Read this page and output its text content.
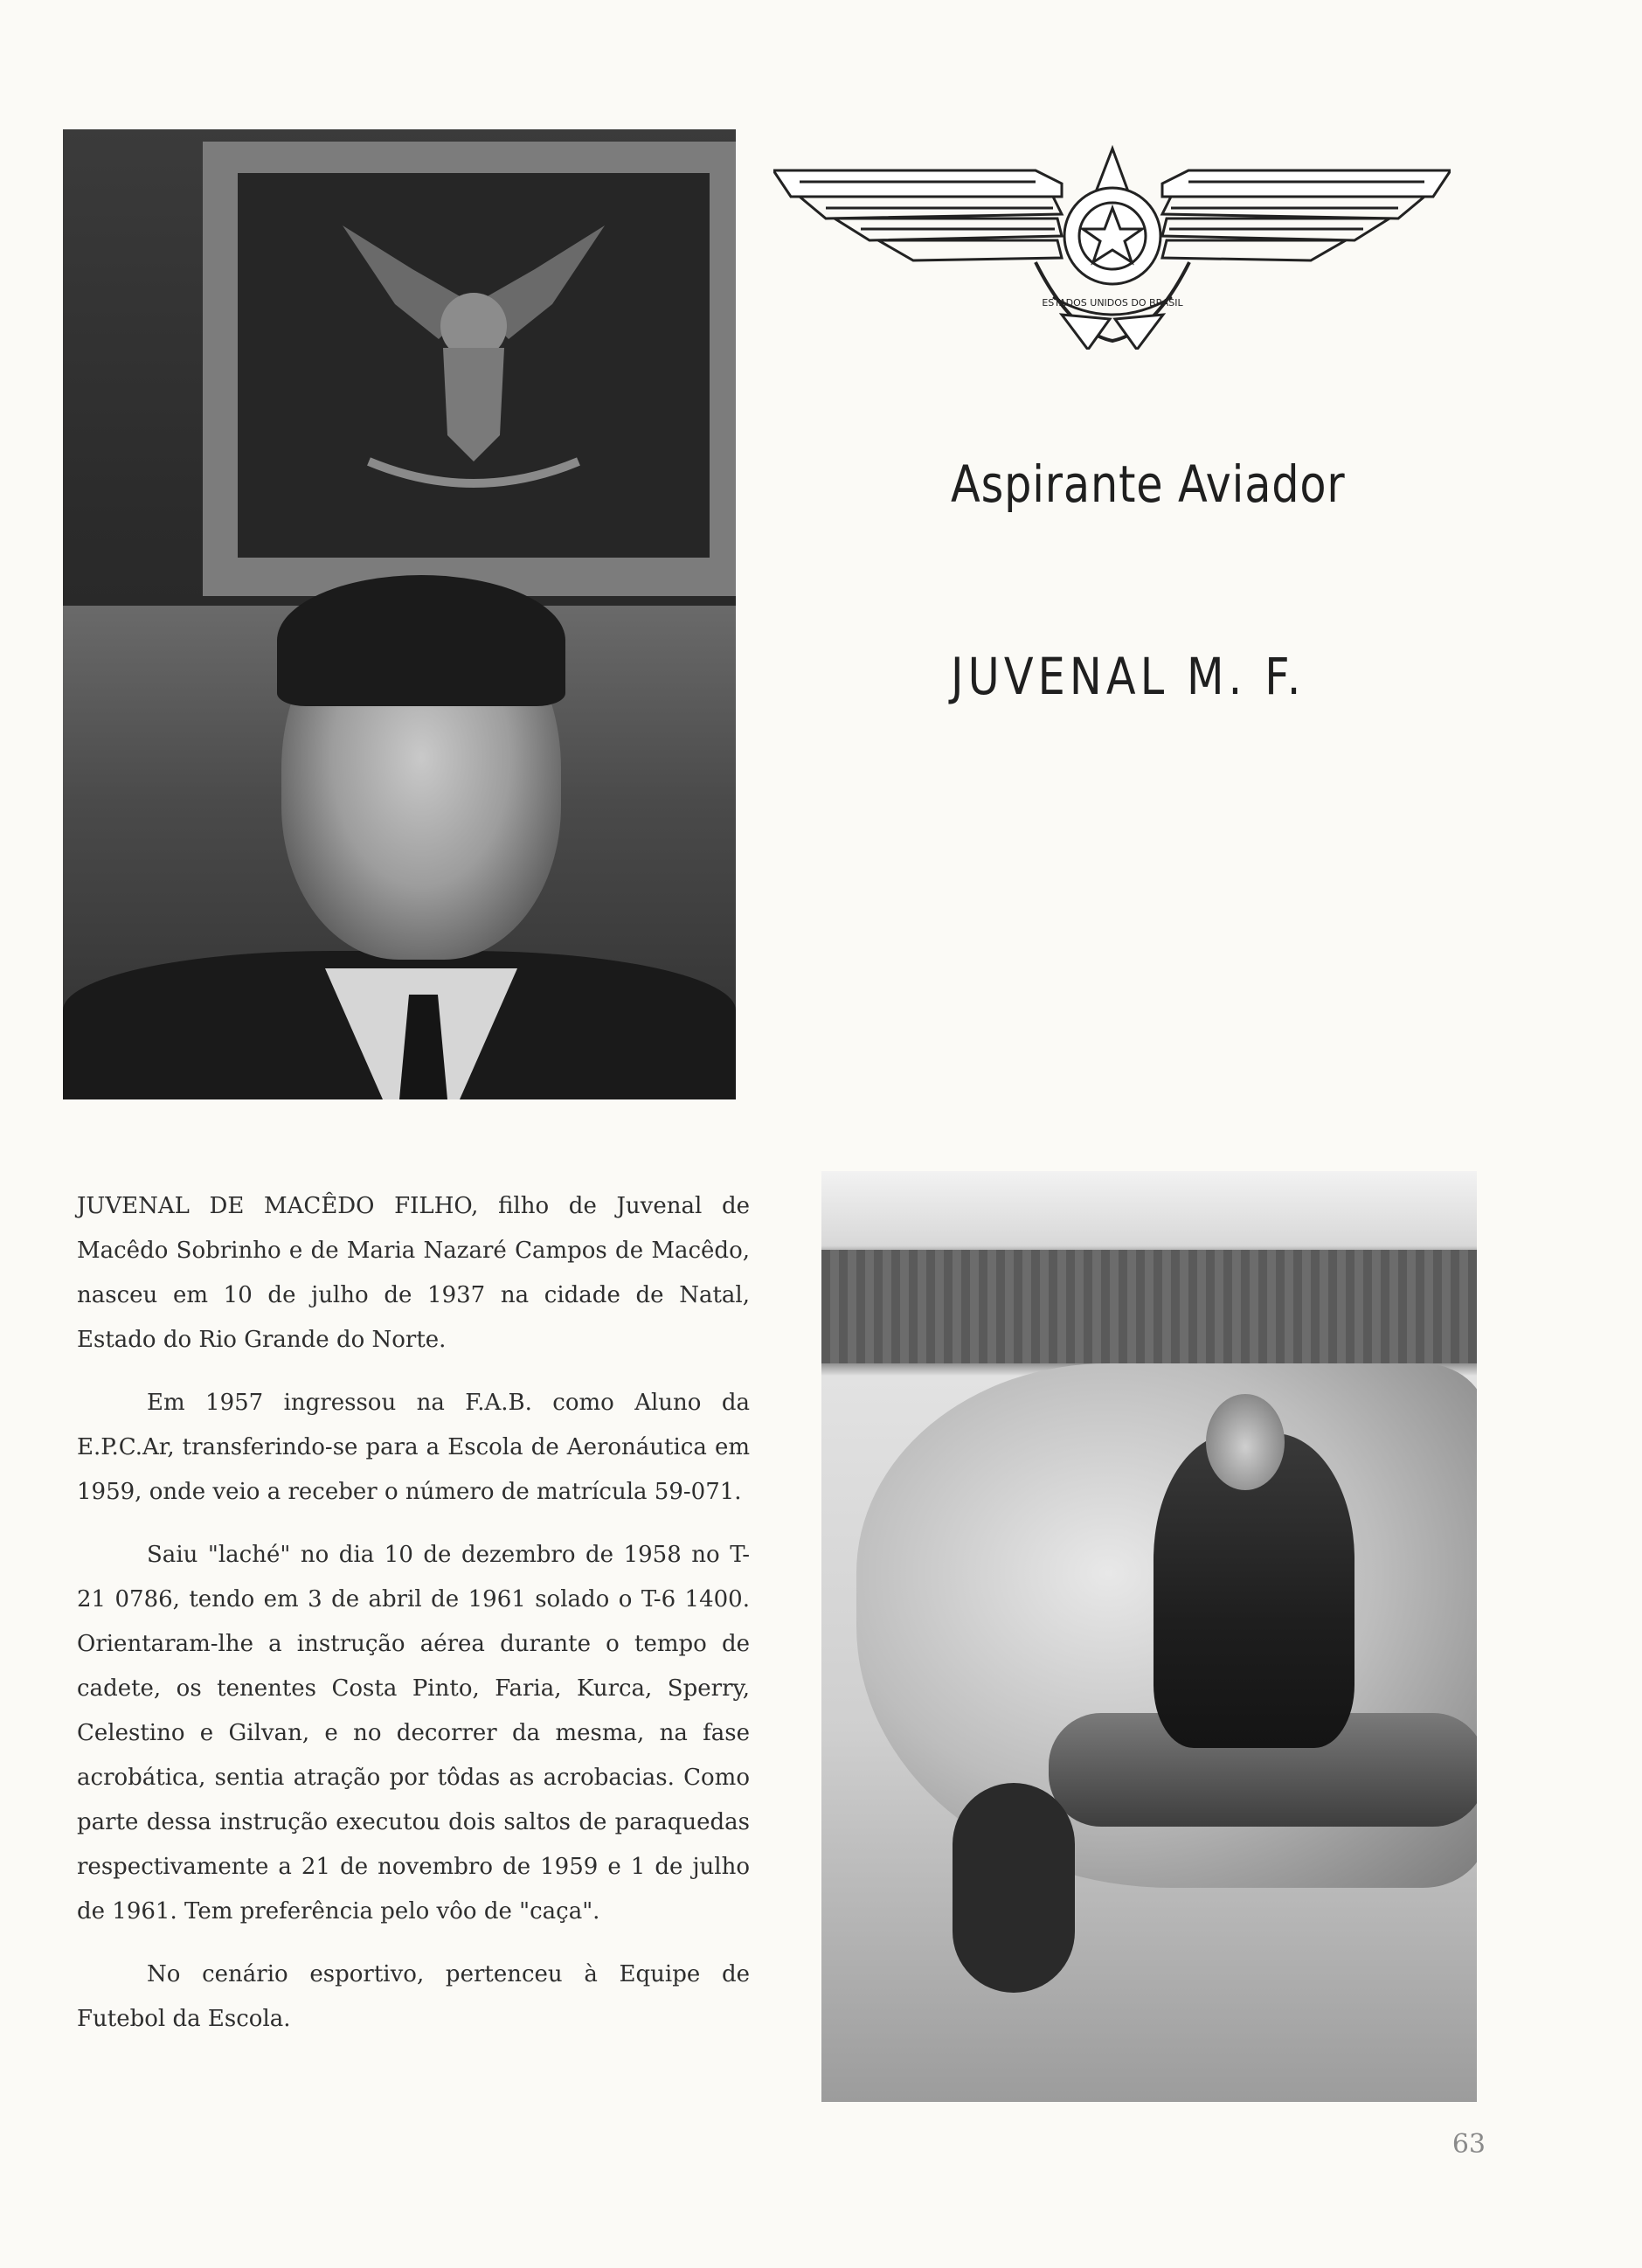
ESTADOS UNIDOS DO BRASIL
Aspirante Aviador
JUVENAL M. F.

JUVENAL DE MACÊDO FILHO, filho de Juvenal de Macêdo Sobrinho e de Maria Nazaré Campos de Macêdo, nasceu em 10 de julho de 1937 na cidade de Natal, Estado do Rio Grande do Norte.

Em 1957 ingressou na F.A.B. como Aluno da E.P.C.Ar, transferindo-se para a Escola de Aeronáutica em 1959, onde veio a receber o número de matrícula 59-071.

Saiu "laché" no dia 10 de dezembro de 1958 no T-21 0786, tendo em 3 de abril de 1961 solado o T-6 1400. Orientaram-lhe a instrução aérea durante o tempo de cadete, os tenentes Costa Pinto, Faria, Kurca, Sperry, Celestino e Gilvan, e no decorrer da mesma, na fase acrobática, sentia atração por tôdas as acrobacias. Como parte dessa instrução executou dois saltos de paraquedas respectivamente a 21 de novembro de 1959 e 1 de julho de 1961. Tem preferência pelo vôo de "caça".

No cenário esportivo, pertenceu à Equipe de Futebol da Escola.

63
